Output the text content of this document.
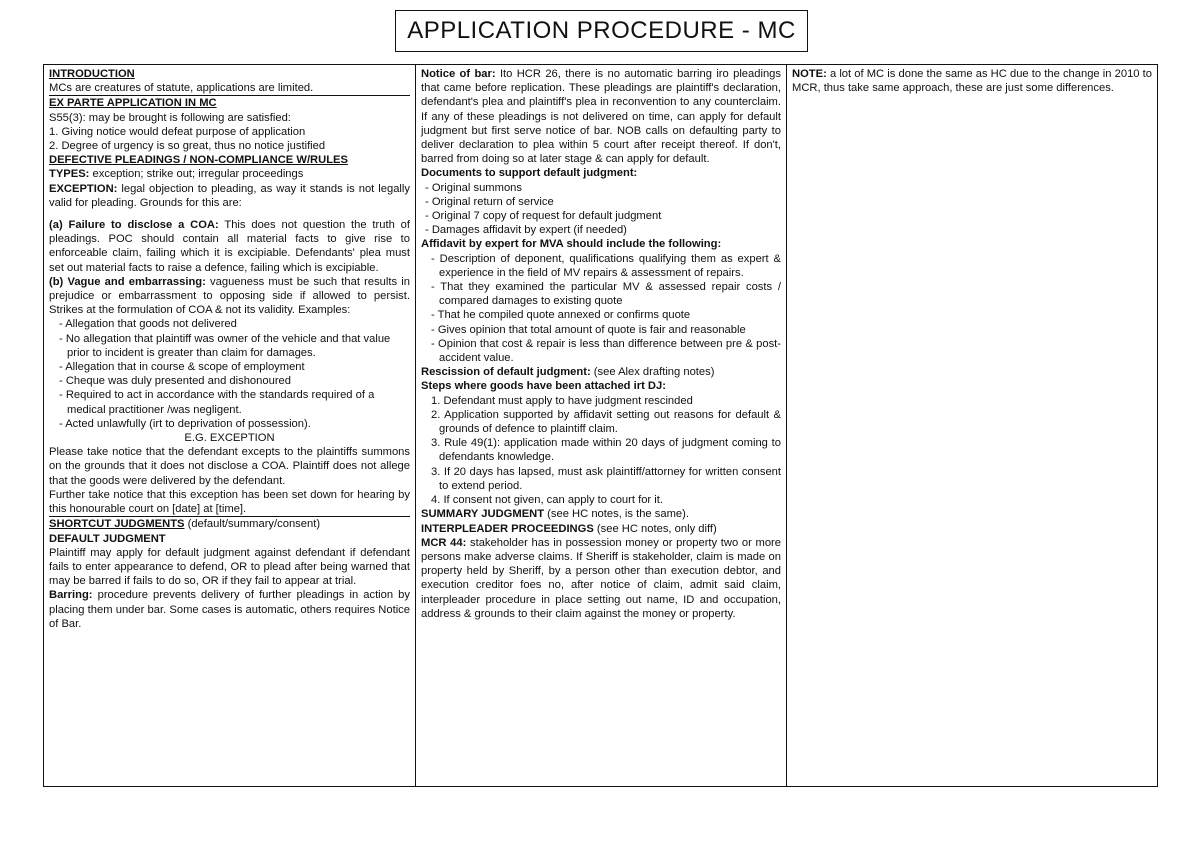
APPLICATION PROCEDURE - MC

INTRODUCTION

MCs are creatures of statute, applications are limited.

EX PARTE APPLICATION IN MC

S55(3): may be brought is following are satisfied:

1. Giving notice would defeat purpose of application

2. Degree of urgency is so great, thus no notice justified

DEFECTIVE PLEADINGS / NON-COMPLIANCE W/RULES

TYPES: exception; strike out; irregular proceedings

EXCEPTION: legal objection to pleading, as way it stands is not legally valid for pleading. Grounds for this are:

(a) Failure to disclose a COA: This does not question the truth of pleadings. POC should contain all material facts to give rise to enforceable claim, failing which it is excipiable. Defendants' plea must set out material facts to raise a defence, failing which is excipiable.

(b) Vague and embarrassing: vagueness must be such that results in prejudice or embarrassment to opposing side if allowed to persist. Strikes at the formulation of COA & not its validity. Examples:

- Allegation that goods not delivered

- No allegation that plaintiff was owner of the vehicle and that value prior to incident is greater than claim for damages.

- Allegation that in course & scope of employment

- Cheque was duly presented and dishonoured

- Required to act in accordance with the standards required of a medical practitioner /was negligent.

- Acted unlawfully (irt to deprivation of possession).

E.G. EXCEPTION

Please take notice that the defendant excepts to the plaintiffs summons on the grounds that it does not disclose a COA. Plaintiff does not allege that the goods were delivered by the defendant.

Further take notice that this exception has been set down for hearing by this honourable court on [date] at [time].

SHORTCUT JUDGMENTS (default/summary/consent)

DEFAULT JUDGMENT

Plaintiff may apply for default judgment against defendant if defendant fails to enter appearance to defend, OR to plead after being warned that may be barred if fails to do so, OR if they fail to appear at trial.

Barring: procedure prevents delivery of further pleadings in action by placing them under bar. Some cases is automatic, others requires Notice of Bar.

Notice of bar: Ito HCR 26, there is no automatic barring iro pleadings that came before replication. These pleadings are plaintiff's declaration, defendant's plea and plaintiff's plea in reconvention to any counterclaim. If any of these pleadings is not delivered on time, can apply for default judgment but first serve notice of bar. NOB calls on defaulting party to deliver declaration to plea within 5 court after receipt thereof. If don't, barred from doing so at later stage & can apply for default.

Documents to support default judgment:

- Original summons

- Original return of service

- Original 7 copy of request for default judgment

- Damages affidavit by expert (if needed)

Affidavit by expert for MVA should include the following:

- Description of deponent, qualifications qualifying them as expert & experience in the field of MV repairs & assessment of repairs.

- That they examined the particular MV & assessed repair costs / compared damages to existing quote

- That he compiled quote annexed or confirms quote

- Gives opinion that total amount of quote is fair and reasonable

- Opinion that cost & repair is less than difference between pre & post-accident value.

Rescission of default judgment: (see Alex drafting notes)

Steps where goods have been attached irt DJ:

1. Defendant must apply to have judgment rescinded

2. Application supported by affidavit setting out reasons for default & grounds of defence to plaintiff claim.

3. Rule 49(1): application made within 20 days of judgment coming to defendants knowledge.

3. If 20 days has lapsed, must ask plaintiff/attorney for written consent to extend period.

4. If consent not given, can apply to court for it.

SUMMARY JUDGMENT (see HC notes, is the same).

INTERPLEADER PROCEEDINGS (see HC notes, only diff)

MCR 44: stakeholder has in possession money or property two or more persons make adverse claims. If Sheriff is stakeholder, claim is made on property held by Sheriff, by a person other than execution debtor, and execution creditor foes no, after notice of claim, admit said claim, interpleader procedure in place setting out name, ID and occupation, address & grounds to their claim against the money or property.

NOTE: a lot of MC is done the same as HC due to the change in 2010 to MCR, thus take same approach, these are just some differences.
